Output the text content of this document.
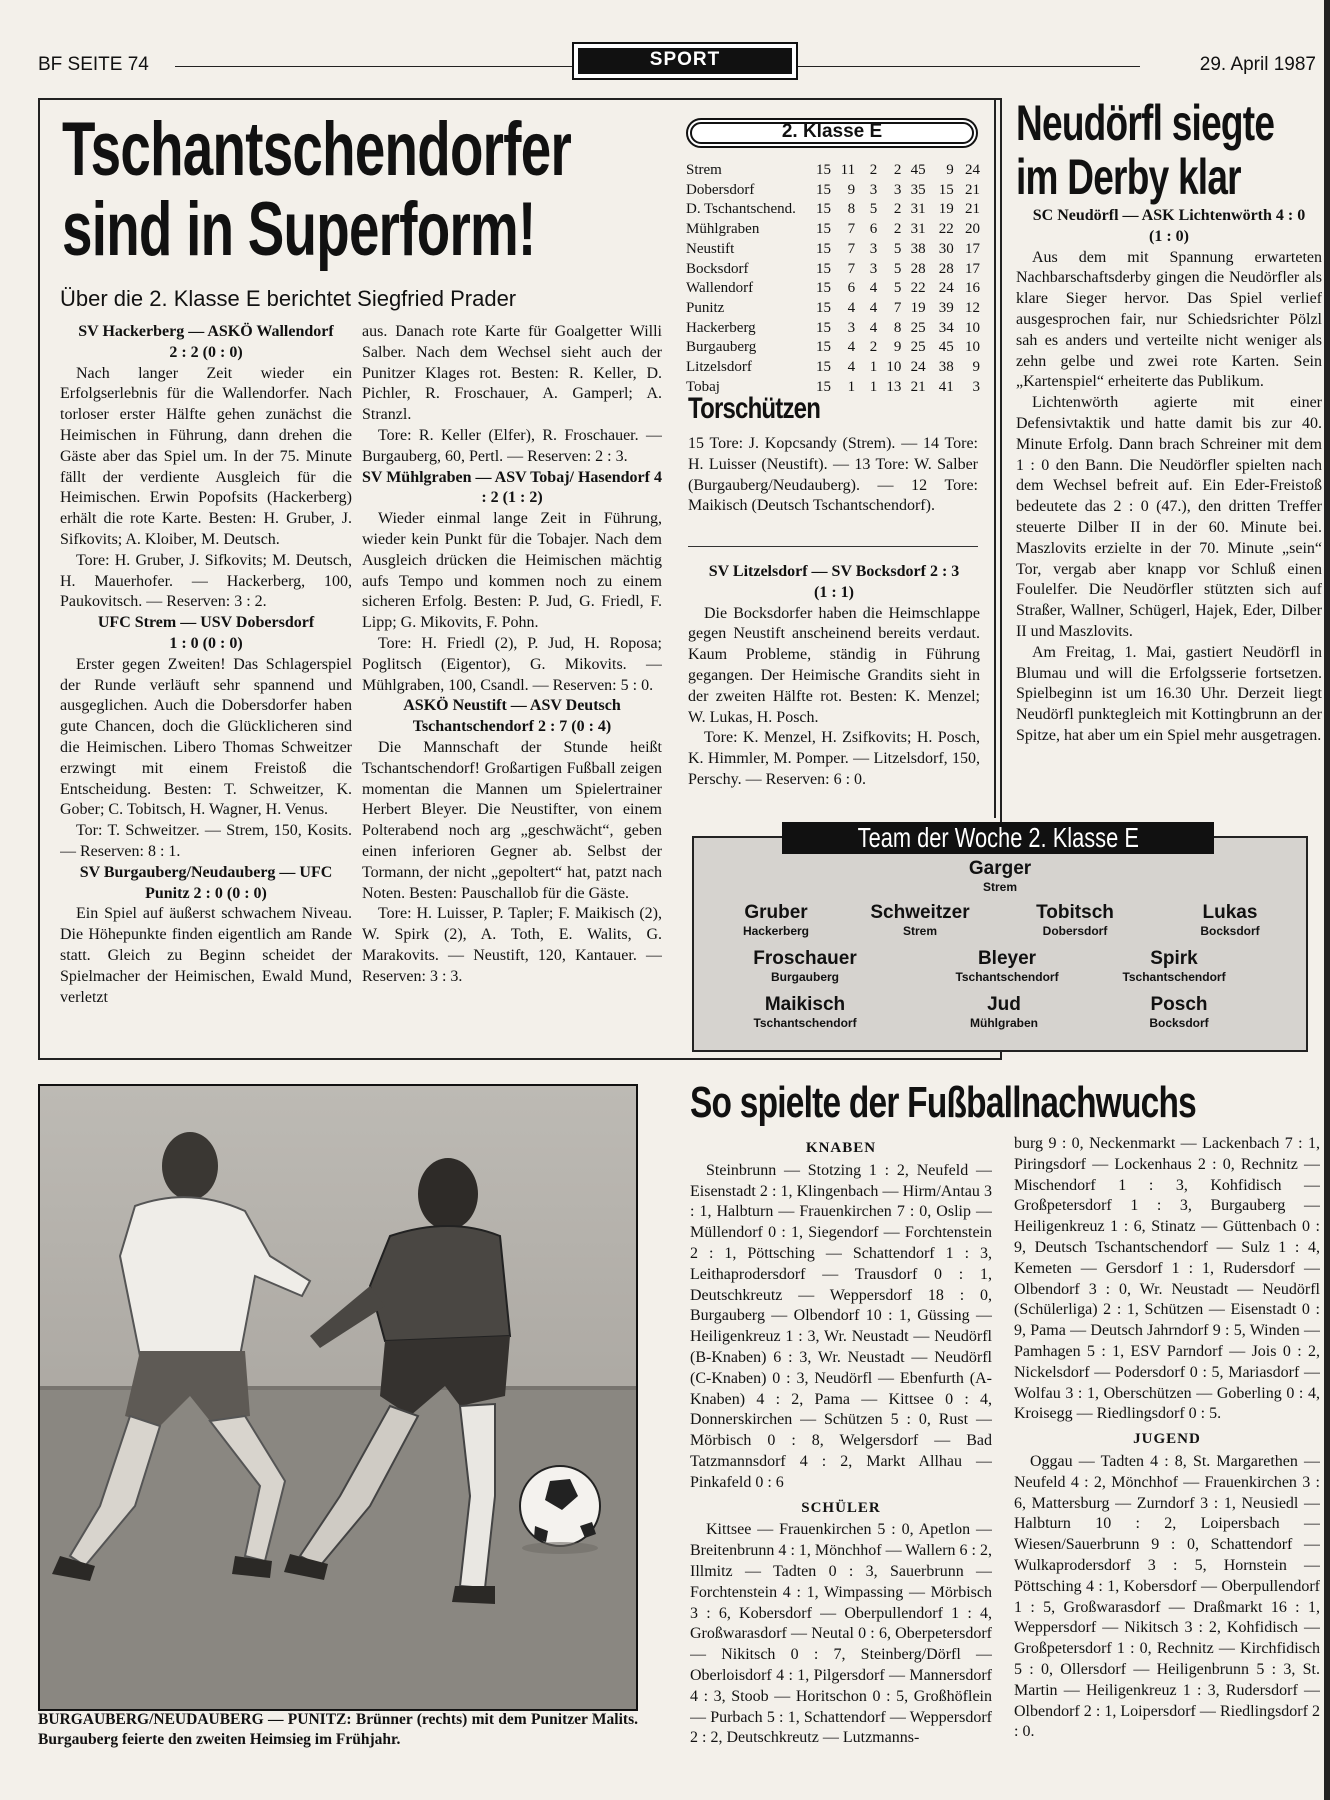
BF SEITE 74	SPORT	29. April 1987
Tschantschendorfer
sind in Superform!
Über die 2. Klasse E berichtet Siegfried Prader
SV Hackerberg — ASKÖ Wallendorf
2 : 2 (0 : 0)

Nach langer Zeit wieder ein Erfolgserlebnis für die Wallendorfer. Nach torloser erster Hälfte gehen zunächst die Heimischen in Führung, dann drehen die Gäste aber das Spiel um. In der 75. Minute fällt der verdiente Ausgleich für die Heimischen. Erwin Popofsits (Hackerberg) erhält die rote Karte. Besten: H. Gruber, J. Sifkovits; A. Kloiber, M. Deutsch.

Tore: H. Gruber, J. Sifkovits; M. Deutsch, H. Mauerhofer. — Hackerberg, 100, Paukovitsch. — Reserven: 3 : 2.

UFC Strem — USV Dobersdorf
1 : 0 (0 : 0)

Erster gegen Zweiten! Das Schlagerspiel der Runde verläuft sehr spannend und ausgeglichen. Auch die Dobersdorfer haben gute Chancen, doch die Glücklicheren sind die Heimischen. Libero Thomas Schweitzer erzwingt mit einem Freistoß die Entscheidung. Besten: T. Schweitzer, K. Gober; C. Tobitsch, H. Wagner, H. Venus.

Tor: T. Schweitzer. — Strem, 150, Kosits. — Reserven: 8 : 1.

SV Burgauberg/Neudauberg — UFC Punitz 2 : 0 (0 : 0)

Ein Spiel auf äußerst schwachem Niveau. Die Höhepunkte finden eigentlich am Rande statt. Gleich zu Beginn scheidet der Spielmacher der Heimischen, Ewald Mund, verletzt

aus. Danach rote Karte für Goalgetter Willi Salber. Nach dem Wechsel sieht auch der Punitzer Klages rot. Besten: R. Keller, D. Pichler, R. Froschauer, A. Gamperl; A. Stranzl.

Tore: R. Keller (Elfer), R. Froschauer. — Burgauberg, 60, Pertl. — Reserven: 2 : 3.

SV Mühlgraben — ASV Tobaj/ Hasendorf 4 : 2 (1 : 2)

Wieder einmal lange Zeit in Führung, wieder kein Punkt für die Tobajer. Nach dem Ausgleich drücken die Heimischen mächtig aufs Tempo und kommen noch zu einem sicheren Erfolg. Besten: P. Jud, G. Friedl, F. Lipp; G. Mikovits, F. Pohn.

Tore: H. Friedl (2), P. Jud, H. Roposa; Poglitsch (Eigentor), G. Mikovits. — Mühlgraben, 100, Csandl. — Reserven: 5 : 0.

ASKÖ Neustift — ASV Deutsch Tschantschendorf 2 : 7 (0 : 4)

Die Mannschaft der Stunde heißt Tschantschendorf! Großartigen Fußball zeigen momentan die Mannen um Spielertrainer Herbert Bleyer. Die Neustifter, von einem Polterabend noch arg „geschwächt“, geben einen inferioren Gegner ab. Selbst der Tormann, der nicht „gepoltert“ hat, patzt nach Noten. Besten: Pauschallob für die Gäste.

Tore: H. Luisser, P. Tapler; F. Maikisch (2), W. Spirk (2), A. Toth, E. Walits, G. Marakovits. — Neustift, 120, Kantauer. — Reserven: 3 : 3.

2. Klasse E
Strem	15	11	2	2	45	9	24
Dobersdorf	15	9	3	3	35	15	21
D. Tschantschend.	15	8	5	2	31	19	21
Mühlgraben	15	7	6	2	31	22	20
Neustift	15	7	3	5	38	30	17
Bocksdorf	15	7	3	5	28	28	17
Wallendorf	15	6	4	5	22	24	16
Punitz	15	4	4	7	19	39	12
Hackerberg	15	3	4	8	25	34	10
Burgauberg	15	4	2	9	25	45	10
Litzelsdorf	15	4	1	10	24	38	9
Tobaj	15	1	1	13	21	41	3
Torschützen

15 Tore: J. Kopcsandy (Strem). — 14 Tore: H. Luisser (Neustift). — 13 Tore: W. Salber (Burgauberg/Neudauberg). — 12 Tore: Maikisch (Deutsch Tschantschendorf).

SV Litzelsdorf — SV Bocksdorf 2 : 3
(1 : 1)

Die Bocksdorfer haben die Heimschlappe gegen Neustift anscheinend bereits verdaut. Kaum Probleme, ständig in Führung gegangen. Der Heimische Grandits sieht in der zweiten Hälfte rot. Besten: K. Menzel; W. Lukas, H. Posch.

Tore: K. Menzel, H. Zsifkovits; H. Posch, K. Himmler, M. Pomper. — Litzelsdorf, 150, Perschy. — Reserven: 6 : 0.

Neudörfl siegte
im Derby klar
SC Neudörfl — ASK Lichtenwörth 4 : 0
(1 : 0)

Aus dem mit Spannung erwarteten Nachbarschaftsderby gingen die Neudörfler als klare Sieger hervor. Das Spiel verlief ausgesprochen fair, nur Schiedsrichter Pölzl sah es anders und verteilte nicht weniger als zehn gelbe und zwei rote Karten. Sein „Kartenspiel“ erheiterte das Publikum.

Lichtenwörth agierte mit einer Defensivtaktik und hatte damit bis zur 40. Minute Erfolg. Dann brach Schreiner mit dem 1 : 0 den Bann. Die Neudörfler spielten nach dem Wechsel befreit auf. Ein Eder-Freistoß bedeutete das 2 : 0 (47.), den dritten Treffer steuerte Dilber II in der 60. Minute bei. Maszlovits erzielte in der 70. Minute „sein“ Tor, vergab aber knapp vor Schluß einen Foulelfer. Die Neudörfler stützten sich auf Straßer, Wallner, Schügerl, Hajek, Eder, Dilber II und Maszlovits.

Am Freitag, 1. Mai, gastiert Neudörfl in Blumau und will die Erfolgsserie fortsetzen. Spielbeginn ist um 16.30 Uhr. Derzeit liegt Neudörfl punktegleich mit Kottingbrunn an der Spitze, hat aber um ein Spiel mehr ausgetragen.

Garger
Strem
Gruber
Hackerberg
Schweitzer
Strem
Tobitsch
Dobersdorf
Lukas
Bocksdorf
Froschauer
Burgauberg
Bleyer
Tschantschendorf
Spirk
Tschantschendorf
Maikisch
Tschantschendorf
Jud
Mühlgraben
Posch
Bocksdorf
Team der Woche 2. Klasse E
BURGAUBERG/NEUDAUBERG — PUNITZ: Brünner (rechts) mit dem Punitzer Malits. Burgauberg feierte den zweiten Heimsieg im Frühjahr.
So spielte der Fußballnachwuchs
KNABEN

Steinbrunn — Stotzing 1 : 2, Neufeld — Eisenstadt 2 : 1, Klingenbach — Hirm/Antau 3 : 1, Halbturn — Frauenkirchen 7 : 0, Oslip — Müllendorf 0 : 1, Siegendorf — Forchtenstein 2 : 1, Pöttsching — Schattendorf 1 : 3, Leithaprodersdorf — Trausdorf 0 : 1, Deutschkreutz — Weppersdorf 18 : 0, Burgauberg — Olbendorf 10 : 1, Güssing — Heiligenkreuz 1 : 3, Wr. Neustadt — Neudörfl (B-Knaben) 6 : 3, Wr. Neustadt — Neudörfl (C-Knaben) 0 : 3, Neudörfl — Ebenfurth (A-Knaben) 4 : 2, Pama — Kittsee 0 : 4, Donnerskirchen — Schützen 5 : 0, Rust — Mörbisch 0 : 8, Welgersdorf — Bad Tatzmannsdorf 4 : 2, Markt Allhau — Pinkafeld 0 : 6

SCHÜLER

Kittsee — Frauenkirchen 5 : 0, Apetlon — Breitenbrunn 4 : 1, Mönchhof — Wallern 6 : 2, Illmitz — Tadten 0 : 3, Sauerbrunn — Forchtenstein 4 : 1, Wimpassing — Mörbisch 3 : 6, Kobersdorf — Oberpullendorf 1 : 4, Großwarasdorf — Neutal 0 : 6, Oberpetersdorf — Nikitsch 0 : 7, Steinberg/Dörfl — Oberloisdorf 4 : 1, Pilgersdorf — Mannersdorf 4 : 3, Stoob — Horitschon 0 : 5, Großhöflein — Purbach 5 : 1, Schattendorf — Weppersdorf 2 : 2, Deutschkreutz — Lutzmanns-

burg 9 : 0, Neckenmarkt — Lackenbach 7 : 1, Piringsdorf — Lockenhaus 2 : 0, Rechnitz — Mischendorf 1 : 3, Kohfidisch — Großpetersdorf 1 : 3, Burgauberg — Heiligenkreuz 1 : 6, Stinatz — Güttenbach 0 : 9, Deutsch Tschantschendorf — Sulz 1 : 4, Kemeten — Gersdorf 1 : 1, Rudersdorf — Olbendorf 3 : 0, Wr. Neustadt — Neudörfl (Schülerliga) 2 : 1, Schützen — Eisenstadt 0 : 9, Pama — Deutsch Jahrndorf 9 : 5, Winden — Pamhagen 5 : 1, ESV Parndorf — Jois 0 : 2, Nickelsdorf — Podersdorf 0 : 5, Mariasdorf — Wolfau 3 : 1, Oberschützen — Goberling 0 : 4, Kroisegg — Riedlingsdorf 0 : 5.

JUGEND

Oggau — Tadten 4 : 8, St. Margarethen — Neufeld 4 : 2, Mönchhof — Frauenkirchen 3 : 6, Mattersburg — Zurndorf 3 : 1, Neusiedl — Halbturn 10 : 2, Loipersbach — Wiesen/Sauerbrunn 9 : 0, Schattendorf — Wulkaprodersdorf 3 : 5, Hornstein — Pöttsching 4 : 1, Kobersdorf — Oberpullendorf 1 : 5, Großwarasdorf — Draßmarkt 16 : 1, Weppersdorf — Nikitsch 3 : 2, Kohfidisch — Großpetersdorf 1 : 0, Rechnitz — Kirchfidisch 5 : 0, Ollersdorf — Heiligenbrunn 5 : 3, St. Martin — Heiligenkreuz 1 : 3, Rudersdorf — Olbendorf 2 : 1, Loipersdorf — Riedlingsdorf 2 : 0.
